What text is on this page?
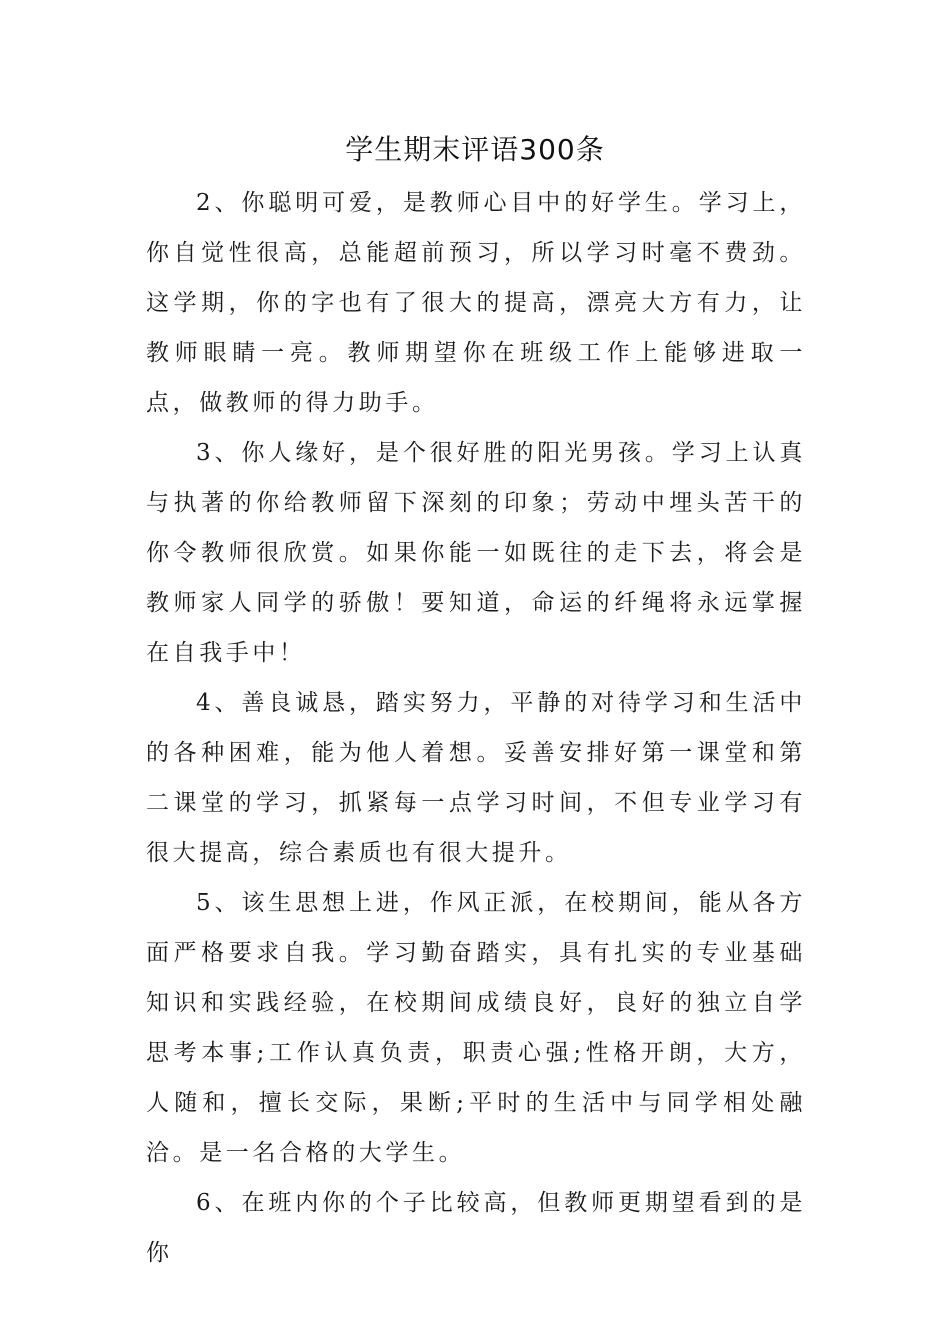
学生期末评语300条

2、你聪明可爱，是教师心目中的好学生。学习上，你自觉性很高，总能超前预习，所以学习时毫不费劲。这学期，你的字也有了很大的提高，漂亮大方有力，让教师眼睛一亮。教师期望你在班级工作上能够进取一点，做教师的得力助手。

3、你人缘好，是个很好胜的阳光男孩。学习上认真与执著的你给教师留下深刻的印象；劳动中埋头苦干的你令教师很欣赏。如果你能一如既往的走下去，将会是教师家人同学的骄傲！要知道，命运的纤绳将永远掌握在自我手中！

4、善良诚恳，踏实努力，平静的对待学习和生活中的各种困难，能为他人着想。妥善安排好第一课堂和第二课堂的学习，抓紧每一点学习时间，不但专业学习有很大提高，综合素质也有很大提升。

5、该生思想上进，作风正派，在校期间，能从各方面严格要求自我。学习勤奋踏实，具有扎实的专业基础知识和实践经验，在校期间成绩良好，良好的独立自学思考本事;工作认真负责，职责心强;性格开朗，大方，人随和，擅长交际，果断;平时的生活中与同学相处融洽。是一名合格的大学生。

6、在班内你的个子比较高，但教师更期望看到的是你
